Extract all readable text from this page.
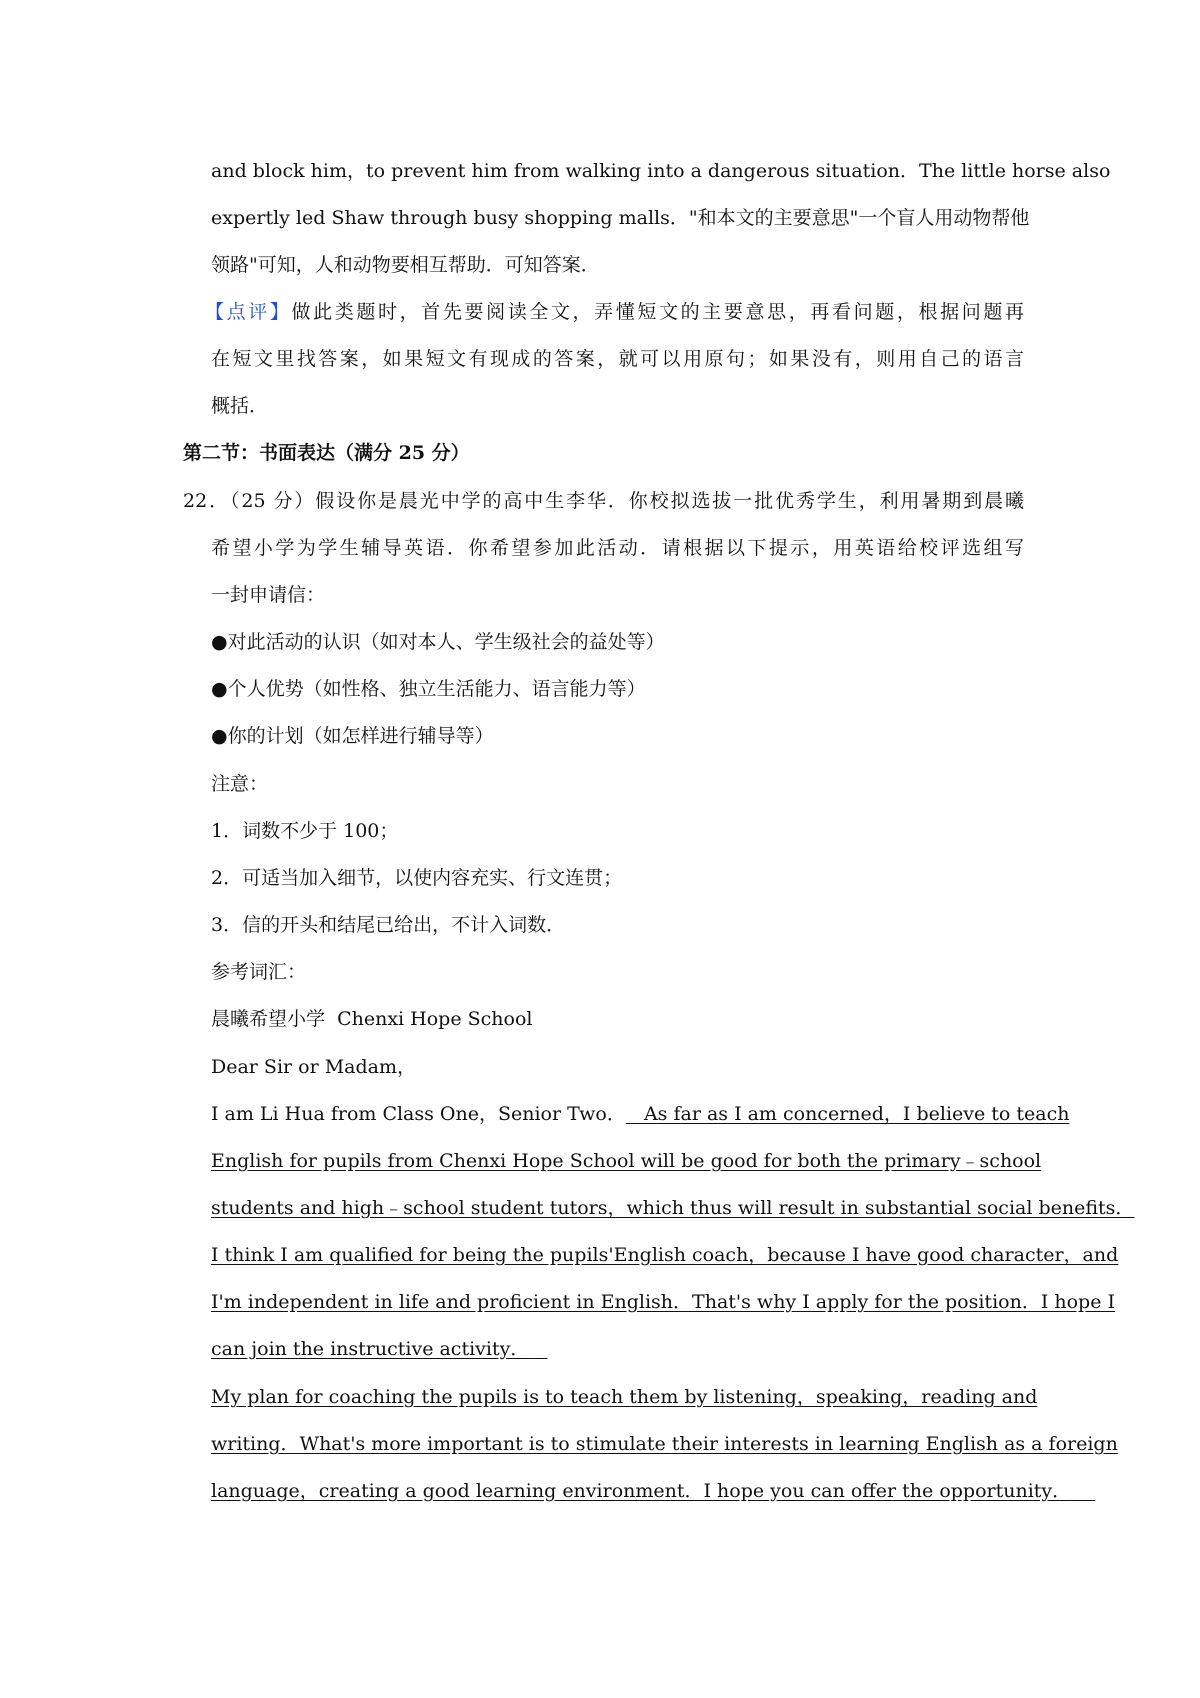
and block him，to prevent him from walking into a dangerous situation．The little horse also
expertly led Shaw through busy shopping malls．"和本文的主要意思"一个盲人用动物帮他
领路"可知，人和动物要相互帮助．可知答案．
【点评】做此类题时，首先要阅读全文，弄懂短文的主要意思，再看问题，根据问题再
在短文里找答案，如果短文有现成的答案，就可以用原句；如果没有，则用自己的语言
概括．
第二节：书面表达（满分 25 分）
22．（25 分）假设你是晨光中学的高中生李华．你校拟选拔一批优秀学生，利用暑期到晨曦
希望小学为学生辅导英语．你希望参加此活动．请根据以下提示，用英语给校评选组写
一封申请信：
●对此活动的认识（如对本人、学生级社会的益处等）
●个人优势（如性格、独立生活能力、语言能力等）
●你的计划（如怎样进行辅导等）
注意：
1．词数不少于 100；
2．可适当加入细节，以使内容充实、行文连贯；
3．信的开头和结尾已给出，不计入词数．
参考词汇：
晨曦希望小学  Chenxi Hope School
Dear Sir or Madam，
I am Li Hua from Class One，Senior Two． As far as I am concerned，I believe to teach
English for pupils from Chenxi Hope School will be good for both the primary﹣school
students and high﹣school student tutors，which thus will result in substantial social benefits．
I think I am qualified for being the pupils'English coach，because I have good character，and
I'm independent in life and proficient in English．That's why I apply for the position．I hope I
can join the instructive activity．
My plan for coaching the pupils is to teach them by listening，speaking，reading and
writing．What's more important is to stimulate their interests in learning English as a foreign
language，creating a good learning environment．I hope you can offer the opportunity．
